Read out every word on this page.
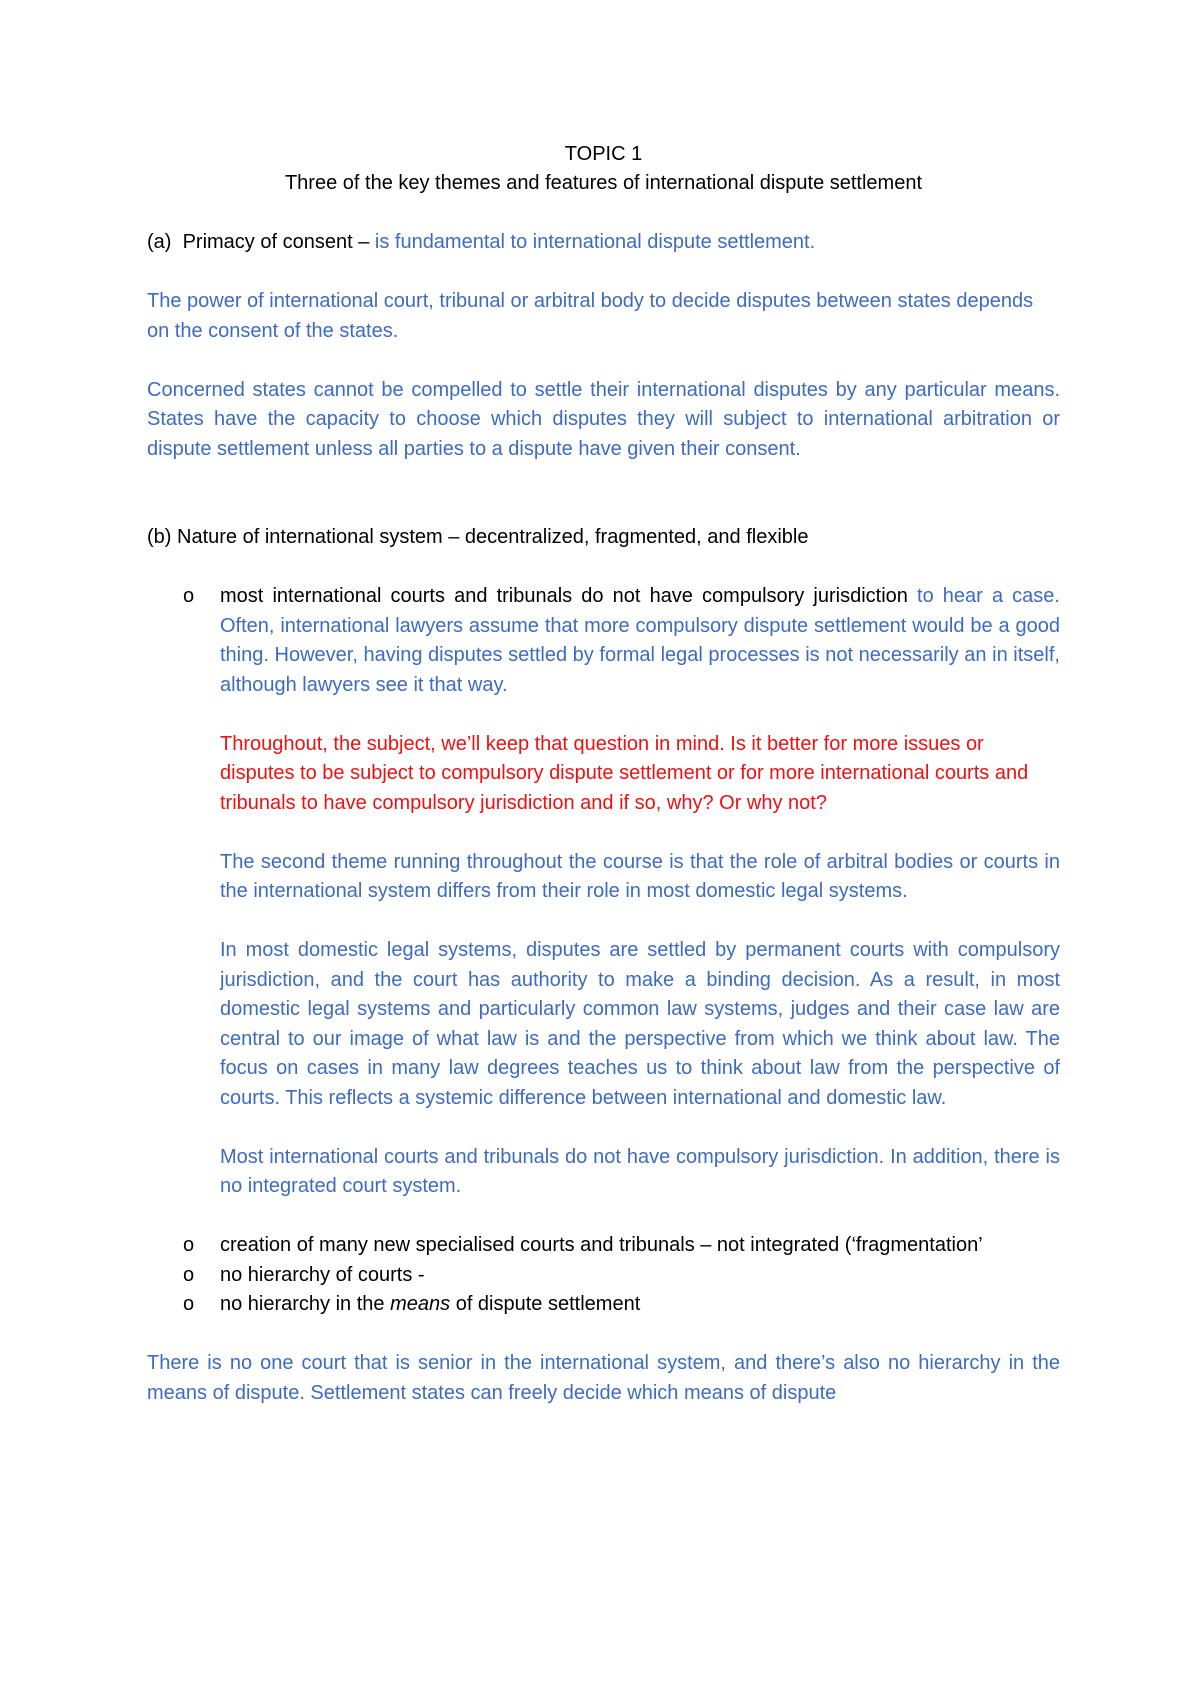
TOPIC 1

Three of the key themes and features of international dispute settlement

(a) Primacy of consent – is fundamental to international dispute settlement.

The power of international court, tribunal or arbitral body to decide disputes between states depends on the consent of the states.

Concerned states cannot be compelled to settle their international disputes by any particular means. States have the capacity to choose which disputes they will subject to international arbitration or dispute settlement unless all parties to a dispute have given their consent.

(b) Nature of international system – decentralized, fragmented, and flexible

o	most international courts and tribunals do not have compulsory jurisdiction to hear a case. Often, international lawyers assume that more compulsory dispute settlement would be a good thing. However, having disputes settled by formal legal processes is not necessarily an in itself, although lawyers see it that way.

Throughout, the subject, we’ll keep that question in mind. Is it better for more issues or disputes to be subject to compulsory dispute settlement or for more international courts and tribunals to have compulsory jurisdiction and if so, why? Or why not?

The second theme running throughout the course is that the role of arbitral bodies or courts in the international system differs from their role in most domestic legal systems.

In most domestic legal systems, disputes are settled by permanent courts with compulsory jurisdiction, and the court has authority to make a binding decision. As a result, in most domestic legal systems and particularly common law systems, judges and their case law are central to our image of what law is and the perspective from which we think about law. The focus on cases in many law degrees teaches us to think about law from the perspective of courts. This reflects a systemic difference between international and domestic law.

Most international courts and tribunals do not have compulsory jurisdiction. In addition, there is no integrated court system.

o	creation of many new specialised courts and tribunals – not integrated (‘fragmentation’
o	no hierarchy of courts -
o	no hierarchy in the means of dispute settlement

There is no one court that is senior in the international system, and there’s also no hierarchy in the means of dispute. Settlement states can freely decide which means of dispute
